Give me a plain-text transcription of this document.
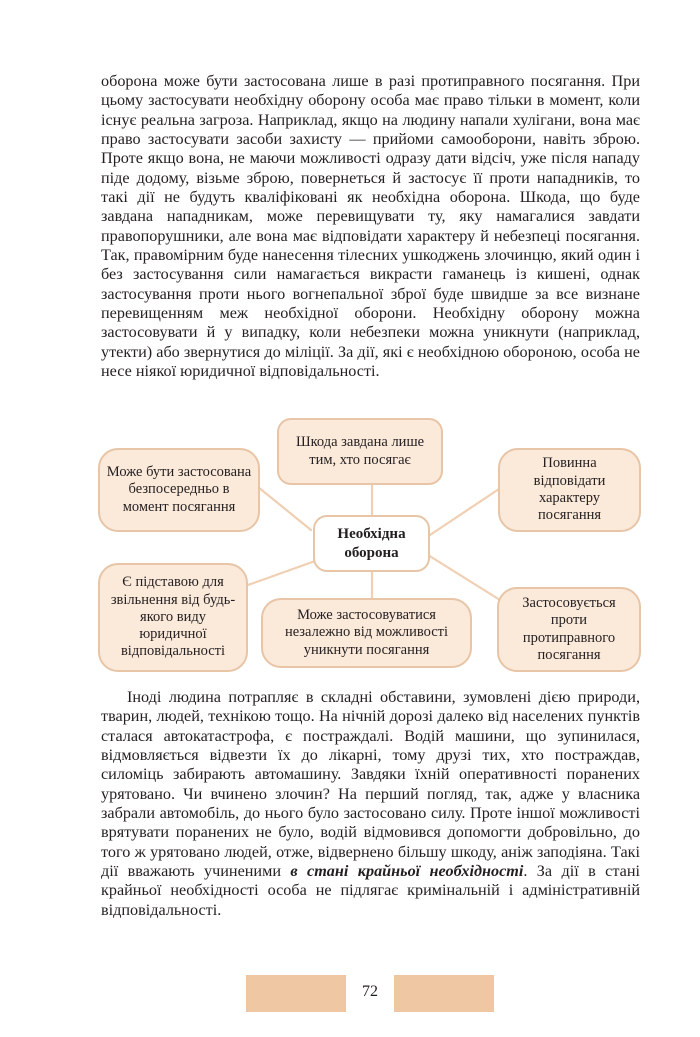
оборона може бути застосована лише в разі протиправного посягання. При цьому застосувати необхідну оборону особа має право тільки в момент, коли існує реальна загроза. Наприклад, якщо на людину напали хулігани, вона має право застосувати засоби захисту — прийоми самооборони, навіть зброю. Проте якщо вона, не маючи можливості одразу дати відсіч, уже після нападу піде додому, візьме зброю, повернеться й застосує її проти нападників, то такі дії не будуть кваліфіковані як необхідна оборона. Шкода, що буде завдана нападникам, може перевищувати ту, яку намагалися завдати правопорушники, але вона має відповідати характеру й небезпеці посягання. Так, правомірним буде нанесення тілесних ушкоджень злочинцю, який один і без застосування сили намагається викрасти гаманець із кишені, однак застосування проти нього вогнепальної зброї буде швидше за все визнане перевищенням меж необхідної оборони. Необхідну оборону можна застосовувати й у випадку, коли небезпеки можна уникнути (наприклад, утекти) або звернутися до міліції. За дії, які є необхідною обороною, особа не несе ніякої юридичної відповідальності.

Шкода завдана лише тим, хто посягає
Може бути застосована безпосередньо в момент посягання
Повинна відповідати характеру посягання
Необхідна оборона
Є підставою для звільнення від будь-якого виду юридичної відповідальності
Може застосовуватися незалежно від можливості уникнути посягання
Застосовується проти протиправного посягання

Іноді людина потрапляє в складні обставини, зумовлені дією природи, тварин, людей, технікою тощо. На нічній дорозі далеко від населених пунктів сталася автокатастрофа, є постраждалі. Водій машини, що зупинилася, відмовляється відвезти їх до лікарні, тому друзі тих, хто постраждав, силоміць забирають автомашину. Завдяки їхній оперативності поранених урятовано. Чи вчинено злочин? На перший погляд, так, адже у власника забрали автомобіль, до нього було застосовано силу. Проте іншої можливості врятувати поранених не було, водій відмовився допомогти добровільно, до того ж урятовано людей, отже, відвернено більшу шкоду, аніж заподіяна. Такі дії вважають учиненими в стані крайньої необхідності. За дії в стані крайньої необхідності особа не підлягає кримінальній і адміністративній відповідальності.

72
